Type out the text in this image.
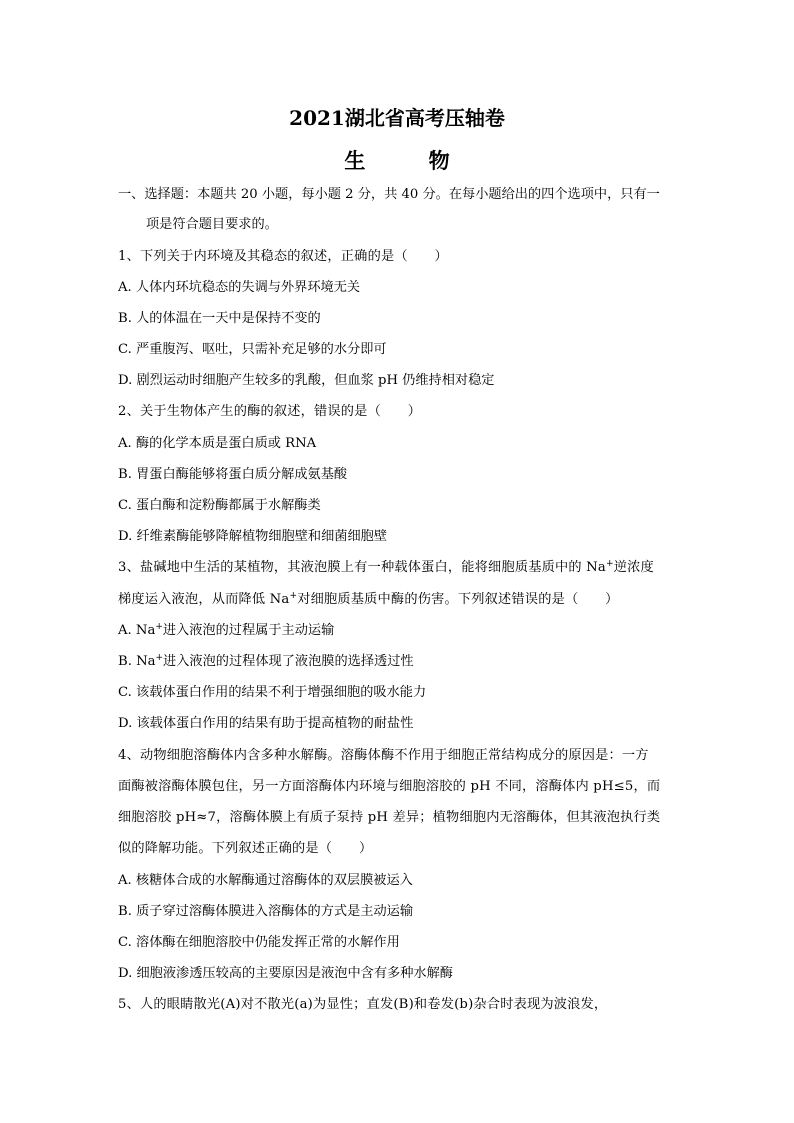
2021湖北省高考压轴卷
生 物
一、选择题：本题共 20 小题，每小题 2 分，共 40 分。在每小题给出的四个选项中，只有一
项是符合题目要求的。
1、下列关于内环境及其稳态的叙述，正确的是（　　）
A. 人体内环坑稳态的失调与外界环境无关
B. 人的体温在一天中是保持不变的
C. 严重腹泻、呕吐，只需补充足够的水分即可
D. 剧烈运动时细胞产生较多的乳酸，但血浆 pH 仍维持相对稳定
2、关于生物体产生的酶的叙述，错误的是（　　）
A. 酶的化学本质是蛋白质或 RNA
B. 胃蛋白酶能够将蛋白质分解成氨基酸
C. 蛋白酶和淀粉酶都属于水解酶类
D. 纤维素酶能够降解植物细胞壁和细菌细胞壁
3、盐碱地中生活的某植物，其液泡膜上有一种载体蛋白，能将细胞质基质中的 Na+逆浓度
梯度运入液泡，从而降低 Na+对细胞质基质中酶的伤害。下列叙述错误的是（　　）
A. Na+进入液泡的过程属于主动运输
B. Na+进入液泡的过程体现了液泡膜的选择透过性
C. 该载体蛋白作用的结果不利于增强细胞的吸水能力
D. 该载体蛋白作用的结果有助于提高植物的耐盐性
4、动物细胞溶酶体内含多种水解酶。溶酶体酶不作用于细胞正常结构成分的原因是：一方
面酶被溶酶体膜包住，另一方面溶酶体内环境与细胞溶胶的 pH 不同，溶酶体内 pH≤5，而
细胞溶胶 pH≈7，溶酶体膜上有质子泵持 pH 差异；植物细胞内无溶酶体，但其液泡执行类
似的降解功能。下列叙述正确的是（　　）
A. 核糖体合成的水解酶通过溶酶体的双层膜被运入
B. 质子穿过溶酶体膜进入溶酶体的方式是主动运输
C. 溶体酶在细胞溶胶中仍能发挥正常的水解作用
D. 细胞液渗透压较高的主要原因是液泡中含有多种水解酶
5、人的眼睛散光(A)对不散光(a)为显性；直发(B)和卷发(b)杂合时表现为波浪发，
